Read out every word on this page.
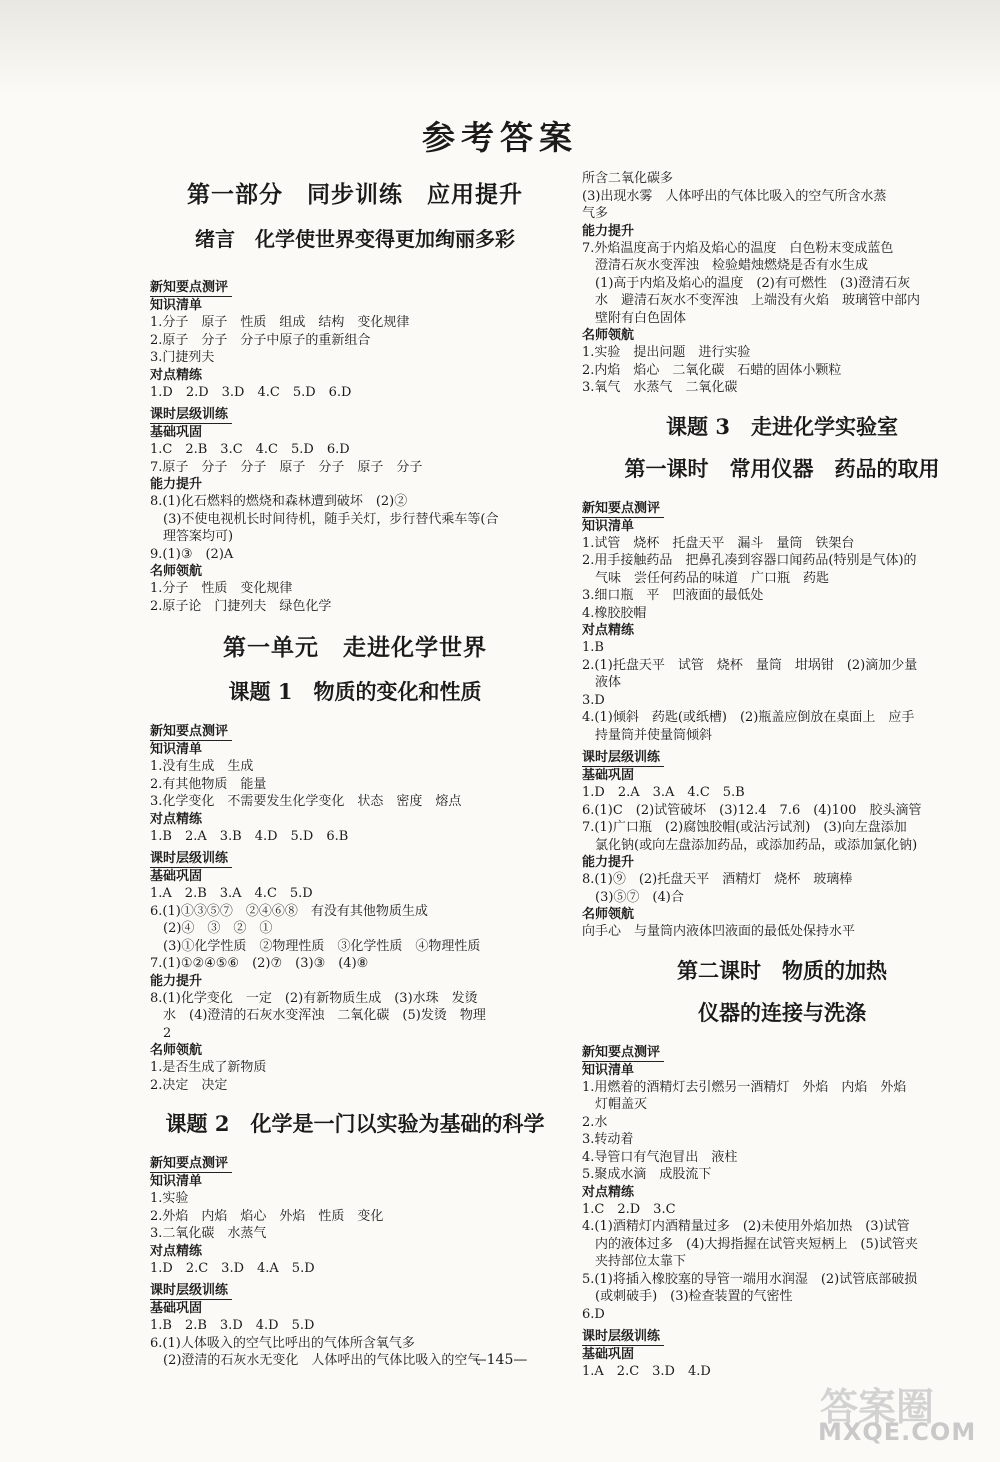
参考答案
第一部分　同步训练　应用提升
绪言　化学使世界变得更加绚丽多彩
新知要点测评
知识清单
1.分子　原子　性质　组成　结构　变化规律
2.原子　分子　分子中原子的重新组合
3.门捷列夫
对点精练
1.D　2.D　3.D　4.C　5.D　6.D
课时层级训练
基础巩固
1.C　2.B　3.C　4.C　5.D　6.D
7.原子　分子　分子　原子　分子　原子　分子
能力提升
8.(1)化石燃料的燃烧和森林遭到破坏　(2)②
　(3)不使电视机长时间待机，随手关灯，步行替代乘车等(合
　理答案均可)
9.(1)③　(2)A
名师领航
1.分子　性质　变化规律
2.原子论　门捷列夫　绿色化学
第一单元　走进化学世界
课题 1　物质的变化和性质
新知要点测评
知识清单
1.没有生成　生成
2.有其他物质　能量
3.化学变化　不需要发生化学变化　状态　密度　熔点
对点精练
1.B　2.A　3.B　4.D　5.D　6.B
课时层级训练
基础巩固
1.A　2.B　3.A　4.C　5.D
6.(1)①③⑤⑦　②④⑥⑧　有没有其他物质生成
　(2)④　③　②　①
　(3)①化学性质　②物理性质　③化学性质　④物理性质
7.(1)①②④⑤⑥　(2)⑦　(3)③　(4)⑧
能力提升
8.(1)化学变化　一定　(2)有新物质生成　(3)水珠　发烫
　水　(4)澄清的石灰水变浑浊　二氧化碳　(5)发烫　物理
　2
名师领航
1.是否生成了新物质
2.决定　决定
课题 2　化学是一门以实验为基础的科学
新知要点测评
知识清单
1.实验
2.外焰　内焰　焰心　外焰　性质　变化
3.二氧化碳　水蒸气
对点精练
1.D　2.C　3.D　4.A　5.D
课时层级训练
基础巩固
1.B　2.B　3.D　4.D　5.D
6.(1)人体吸入的空气比呼出的气体所含氧气多
　(2)澄清的石灰水无变化　人体呼出的气体比吸入的空气
所含二氧化碳多
(3)出现水雾　人体呼出的气体比吸入的空气所含水蒸
气多
能力提升
7.外焰温度高于内焰及焰心的温度　白色粉末变成蓝色
　澄清石灰水变浑浊　检验蜡烛燃烧是否有水生成
　(1)高于内焰及焰心的温度　(2)有可燃性　(3)澄清石灰
　水　避清石灰水不变浑浊　上端没有火焰　玻璃管中部内
　壁附有白色固体
名师领航
1.实验　提出问题　进行实验
2.内焰　焰心　二氧化碳　石蜡的固体小颗粒
3.氧气　水蒸气　二氧化碳
课题 3　走进化学实验室
第一课时　常用仪器　药品的取用
新知要点测评
知识清单
1.试管　烧杯　托盘天平　漏斗　量筒　铁架台
2.用手接触药品　把鼻孔凑到容器口闻药品(特别是气体)的
　气味　尝任何药品的味道　广口瓶　药匙
3.细口瓶　平　凹液面的最低处
4.橡胶胶帽
对点精练
1.B
2.(1)托盘天平　试管　烧杯　量筒　坩埚钳　(2)滴加少量
　液体
3.D
4.(1)倾斜　药匙(或纸槽)　(2)瓶盖应倒放在桌面上　应手
　持量筒并使量筒倾斜
课时层级训练
基础巩固
1.D　2.A　3.A　4.C　5.B
6.(1)C　(2)试管破坏　(3)12.4　7.6　(4)100　胶头滴管
7.(1)广口瓶　(2)腐蚀胶帽(或沾污试剂)　(3)向左盘添加
　氯化钠(或向左盘添加药品，或添加药品，或添加氯化钠)
能力提升
8.(1)⑨　(2)托盘天平　酒精灯　烧杯　玻璃棒
　(3)⑤⑦　(4)合
名师领航
向手心　与量筒内液体凹液面的最低处保持水平
第二课时　物质的加热
仪器的连接与洗涤
新知要点测评
知识清单
1.用燃着的酒精灯去引燃另一酒精灯　外焰　内焰　外焰
　灯帽盖灭
2.水
3.转动着
4.导管口有气泡冒出　液柱
5.聚成水滴　成股流下
对点精练
1.C　2.D　3.C
4.(1)酒精灯内酒精量过多　(2)未使用外焰加热　(3)试管
　内的液体过多　(4)大拇指握在试管夹短柄上　(5)试管夹
　夹持部位太靠下
5.(1)将插入橡胶塞的导管一端用水润湿　(2)试管底部破损
　(或刺破手)　(3)检查装置的气密性
6.D
课时层级训练
基础巩固
1.A　2.C　3.D　4.D
—145—
答案圈
MXQE.COM
